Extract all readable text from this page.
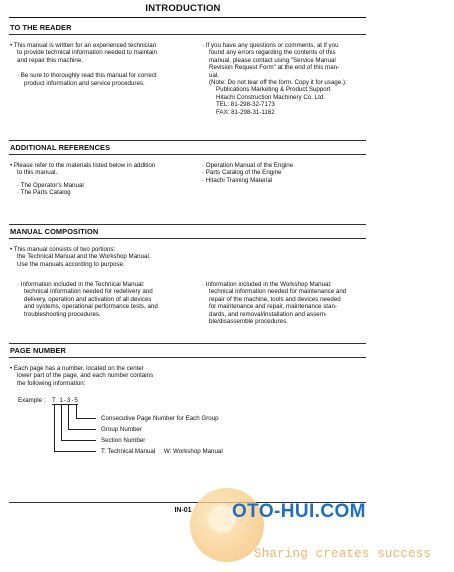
INTRODUCTION
TO THE READER

• This manual is written for an experienced technician

to provide technical information needed to maintain

and repair this machine.

· Be sure to thoroughly read this manual for correct

product information and service procedures.

· If you have any questions or comments, at if you

found any errors regarding the contents of this

manual, please contact using "Service Manual

Revision Request Form" at the end of this man-

ual.

(Note: Do not tear off the form. Copy it for usage.):

Publications Marketing & Product Support

Hitachi Construction Machinery Co. Ltd.

TEL: 81-298-32-7173

FAX: 81-298-31-1162

ADDITIONAL REFERENCES

• Please refer to the materials listed below in addition

to this manual.

· The Operator's Manual

· The Parts Catalog

· Operation Manual of the Engine

· Parts Catalog of the Engine

· Hitachi Training Material

MANUAL COMPOSITION

• This manual consists of two portions:

the Technical Manual and the Workshop Manual.

Use the manuals according to purpose.

· Information included in the Technical Manual:

technical information needed for redelivery and

delivery, operation and activation of all devices

and systems, operational performance tests, and

troubleshooting procedures.

· Information included in the Workshop Manual:

technical information needed for maintenance and

repair of the machine, tools and devices needed

for maintenance and repair, maintenance stan-

dards, and removal/installation and assem-

ble/disassemble procedures.

PAGE NUMBER

• Each page has a number, located on the center

lower part of the page, and each number contains

the following information:

Example : T 1-3-5
Consecutive Page Number for Each Group
Group Number
Section Number
T: Technical Manual     W: Workshop Manual
IN-01	OTO-HUI.COM
Sharing creates success
